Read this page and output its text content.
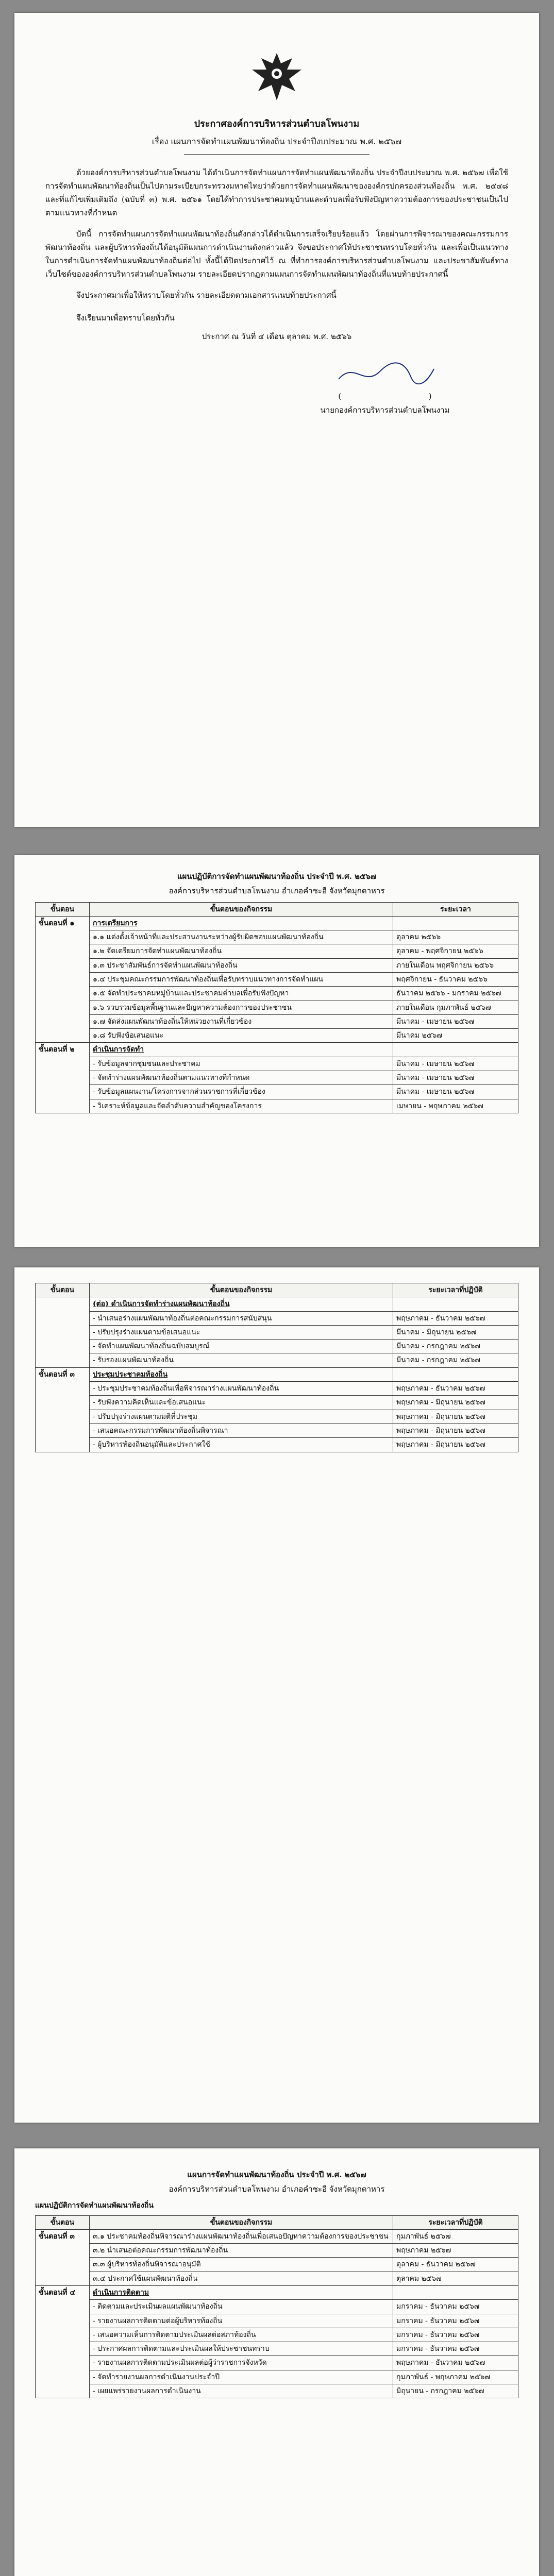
ประกาศองค์การบริหารส่วนตำบลโพนงาม
เรื่อง แผนการจัดทำแผนพัฒนาท้องถิ่น ประจำปีงบประมาณ พ.ศ. ๒๕๖๗

ด้วยองค์การบริหารส่วนตำบลโพนงาม ได้ดำเนินการจัดทำแผนการจัดทำแผนพัฒนาท้องถิ่น ประจำปีงบประมาณ พ.ศ. ๒๕๖๗ เพื่อใช้การจัดทำแผนพัฒนาท้องถิ่นเป็นไปตามระเบียบกระทรวงมหาดไทยว่าด้วยการจัดทำแผนพัฒนาขององค์กรปกครองส่วนท้องถิ่น พ.ศ. ๒๕๔๘ และที่แก้ไขเพิ่มเติมถึง (ฉบับที่ ๓) พ.ศ. ๒๕๖๑ โดยได้ทำการประชาคมหมู่บ้านและตำบลเพื่อรับฟังปัญหาความต้องการของประชาชนเป็นไปตามแนวทางที่กำหนด

บัดนี้ การจัดทำแผนการจัดทำแผนพัฒนาท้องถิ่นดังกล่าวได้ดำเนินการเสร็จเรียบร้อยแล้ว โดยผ่านการพิจารณาของคณะกรรมการพัฒนาท้องถิ่น และผู้บริหารท้องถิ่นได้อนุมัติแผนการดำเนินงานดังกล่าวแล้ว จึงขอประกาศให้ประชาชนทราบโดยทั่วกัน และเพื่อเป็นแนวทางในการดำเนินการจัดทำแผนพัฒนาท้องถิ่นต่อไป ทั้งนี้ได้ปิดประกาศไว้ ณ ที่ทำการองค์การบริหารส่วนตำบลโพนงาม และประชาสัมพันธ์ทางเว็บไซต์ขององค์การบริหารส่วนตำบลโพนงาม รายละเอียดปรากฏตามแผนการจัดทำแผนพัฒนาท้องถิ่นที่แนบท้ายประกาศนี้

จึงประกาศมาเพื่อให้ทราบโดยทั่วกัน รายละเอียดตามเอกสารแนบท้ายประกาศนี้

จึงเรียนมาเพื่อทราบโดยทั่วกัน

ประกาศ ณ วันที่ ๔ เดือน ตุลาคม พ.ศ. ๒๕๖๖

(	)
นายกองค์การบริหารส่วนตำบลโพนงาม
แผนปฏิบัติการจัดทำแผนพัฒนาท้องถิ่น ประจำปี พ.ศ. ๒๕๖๗
องค์การบริหารส่วนตำบลโพนงาม อำเภอคำชะอี จังหวัดมุกดาหาร
ขั้นตอน	ขั้นตอนของกิจกรรม	ระยะเวลา
ขั้นตอนที่ ๑	การเตรียมการ	
	๑.๑ แต่งตั้งเจ้าหน้าที่และประสานงานระหว่างผู้รับผิดชอบแผนพัฒนาท้องถิ่น	ตุลาคม ๒๕๖๖
	๑.๒ จัดเตรียมการจัดทำแผนพัฒนาท้องถิ่น	ตุลาคม - พฤศจิกายน ๒๕๖๖
	๑.๓ ประชาสัมพันธ์การจัดทำแผนพัฒนาท้องถิ่น	ภายในเดือน พฤศจิกายน ๒๕๖๖
	๑.๔ ประชุมคณะกรรมการพัฒนาท้องถิ่นเพื่อรับทราบแนวทางการจัดทำแผน	พฤศจิกายน - ธันวาคม ๒๕๖๖
	๑.๕ จัดทำประชาคมหมู่บ้านและประชาคมตำบลเพื่อรับฟังปัญหา	ธันวาคม ๒๕๖๖ - มกราคม ๒๕๖๗
	๑.๖ รวบรวมข้อมูลพื้นฐานและปัญหาความต้องการของประชาชน	ภายในเดือน กุมภาพันธ์ ๒๕๖๗
	๑.๗ จัดส่งแผนพัฒนาท้องถิ่นให้หน่วยงานที่เกี่ยวข้อง	มีนาคม - เมษายน ๒๕๖๗
	๑.๘ รับฟังข้อเสนอแนะ	มีนาคม ๒๕๖๗
ขั้นตอนที่ ๒	ดำเนินการจัดทำ	
	- รับข้อมูลจากชุมชนและประชาคม	มีนาคม - เมษายน ๒๕๖๗
	- จัดทำร่างแผนพัฒนาท้องถิ่นตามแนวทางที่กำหนด	มีนาคม - เมษายน ๒๕๖๗
	- รับข้อมูลแผนงาน/โครงการจากส่วนราชการที่เกี่ยวข้อง	มีนาคม - เมษายน ๒๕๖๗
	- วิเคราะห์ข้อมูลและจัดลำดับความสำคัญของโครงการ	เมษายน - พฤษภาคม ๒๕๖๗
ขั้นตอน	ขั้นตอนของกิจกรรม	ระยะเวลาที่ปฏิบัติ
	(ต่อ) ดำเนินการจัดทำร่างแผนพัฒนาท้องถิ่น	
	- นำเสนอร่างแผนพัฒนาท้องถิ่นต่อคณะกรรมการสนับสนุน	พฤษภาคม - ธันวาคม ๒๕๖๗
	- ปรับปรุงร่างแผนตามข้อเสนอแนะ	มีนาคม - มิถุนายน ๒๕๖๗
	- จัดทำแผนพัฒนาท้องถิ่นฉบับสมบูรณ์	มีนาคม - กรกฎาคม ๒๕๖๗
	- รับรองแผนพัฒนาท้องถิ่น	มีนาคม - กรกฎาคม ๒๕๖๗
ขั้นตอนที่ ๓	ประชุมประชาคมท้องถิ่น	
	- ประชุมประชาคมท้องถิ่นเพื่อพิจารณาร่างแผนพัฒนาท้องถิ่น	พฤษภาคม - ธันวาคม ๒๕๖๗
	- รับฟังความคิดเห็นและข้อเสนอแนะ	พฤษภาคม - มิถุนายน ๒๕๖๗
	- ปรับปรุงร่างแผนตามมติที่ประชุม	พฤษภาคม - มิถุนายน ๒๕๖๗
	- เสนอคณะกรรมการพัฒนาท้องถิ่นพิจารณา	พฤษภาคม - มิถุนายน ๒๕๖๗
	- ผู้บริหารท้องถิ่นอนุมัติและประกาศใช้	พฤษภาคม - มิถุนายน ๒๕๖๗
แผนการจัดทำแผนพัฒนาท้องถิ่น ประจำปี พ.ศ. ๒๕๖๗
องค์การบริหารส่วนตำบลโพนงาม อำเภอคำชะอี จังหวัดมุกดาหาร
แผนปฏิบัติการจัดทำแผนพัฒนาท้องถิ่น
ขั้นตอน	ขั้นตอนของกิจกรรม	ระยะเวลาที่ปฏิบัติ
ขั้นตอนที่ ๓	๓.๑ ประชาคมท้องถิ่นพิจารณาร่างแผนพัฒนาท้องถิ่นเพื่อเสนอปัญหาความต้องการของประชาชน	กุมภาพันธ์ ๒๕๖๗
	๓.๒ นำเสนอต่อคณะกรรมการพัฒนาท้องถิ่น	พฤษภาคม ๒๕๖๗
	๓.๓ ผู้บริหารท้องถิ่นพิจารณาอนุมัติ	ตุลาคม - ธันวาคม ๒๕๖๗
	๓.๔ ประกาศใช้แผนพัฒนาท้องถิ่น	ตุลาคม ๒๕๖๗
ขั้นตอนที่ ๔	ดำเนินการติดตาม	
	- ติดตามและประเมินผลแผนพัฒนาท้องถิ่น	มกราคม - ธันวาคม ๒๕๖๗
	- รายงานผลการติดตามต่อผู้บริหารท้องถิ่น	มกราคม - ธันวาคม ๒๕๖๗
	- เสนอความเห็นการติดตามประเมินผลต่อสภาท้องถิ่น	มกราคม - ธันวาคม ๒๕๖๗
	- ประกาศผลการติดตามและประเมินผลให้ประชาชนทราบ	มกราคม - ธันวาคม ๒๕๖๗
	- รายงานผลการติดตามประเมินผลต่อผู้ว่าราชการจังหวัด	พฤษภาคม - ธันวาคม ๒๕๖๗
	- จัดทำรายงานผลการดำเนินงานประจำปี	กุมภาพันธ์ - พฤษภาคม ๒๕๖๗
	- เผยแพร่รายงานผลการดำเนินงาน	มิถุนายน - กรกฎาคม ๒๕๖๗
